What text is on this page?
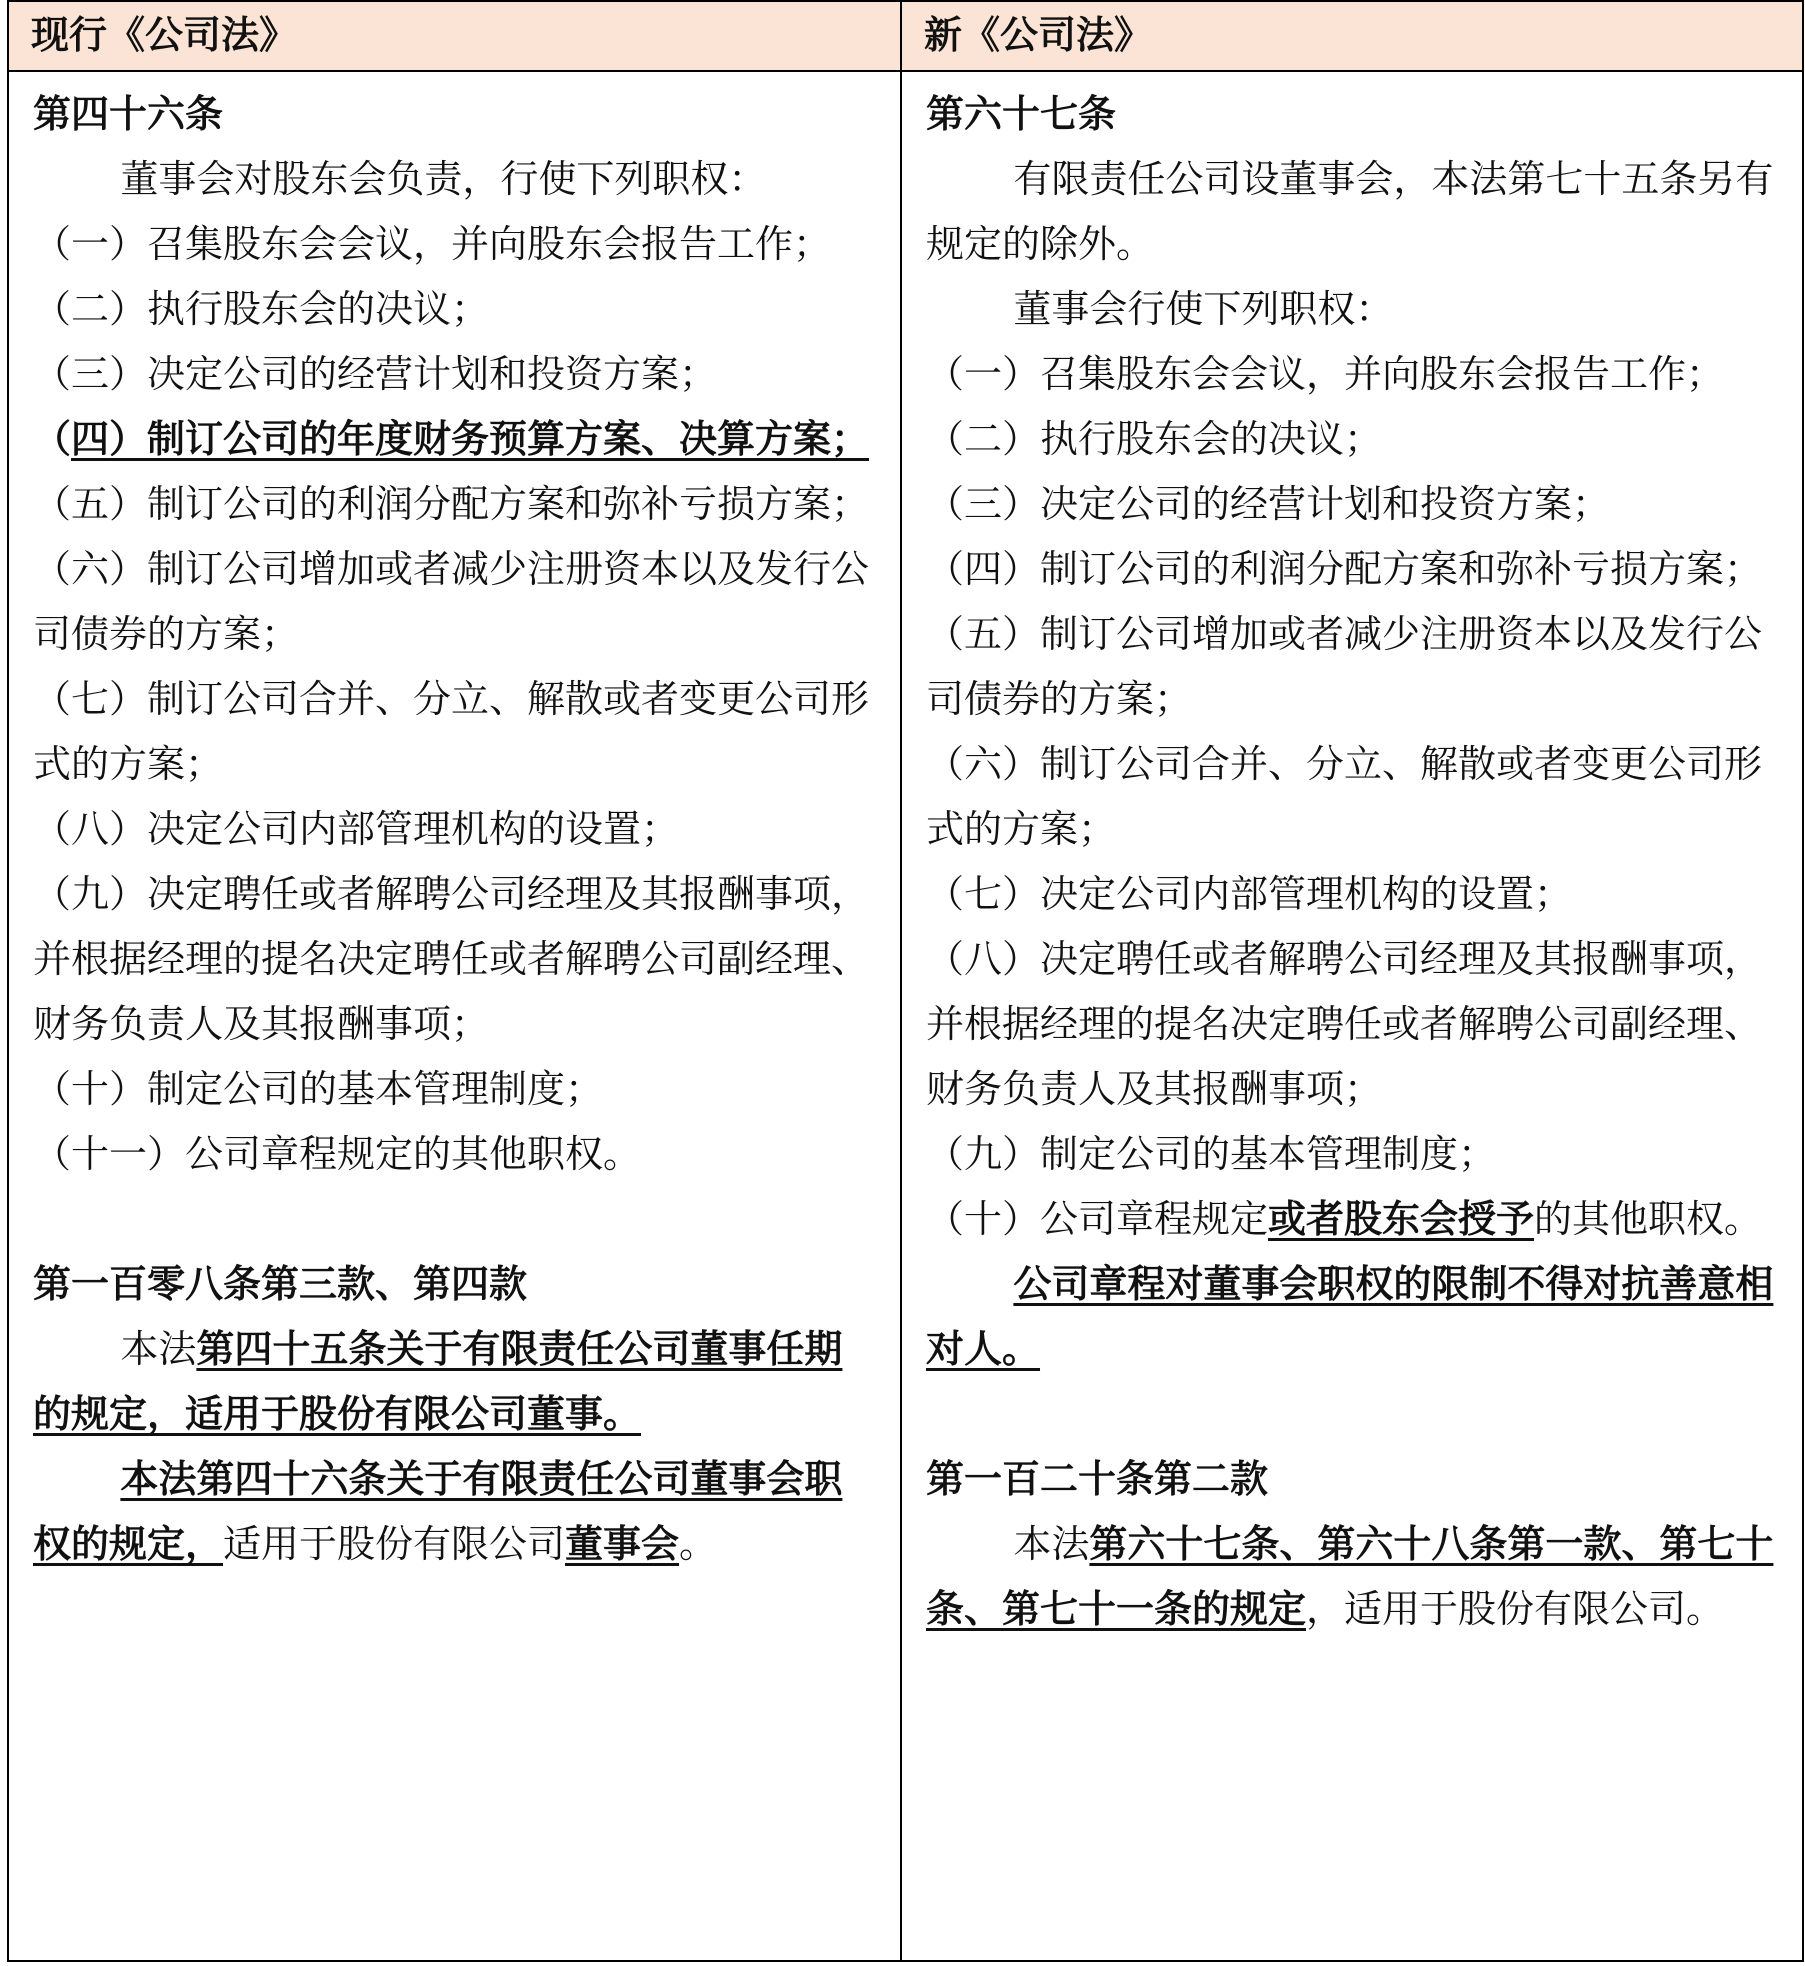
现行《公司法》	新《公司法》
第四十六条
董事会对股东会负责，行使下列职权：
（一）召集股东会会议，并向股东会报告工作；
（二）执行股东会的决议；
（三）决定公司的经营计划和投资方案；
（四）制订公司的年度财务预算方案、决算方案；
（五）制订公司的利润分配方案和弥补亏损方案；
（六）制订公司增加或者减少注册资本以及发行公司债券的方案；
（七）制订公司合并、分立、解散或者变更公司形式的方案；
（八）决定公司内部管理机构的设置；
（九）决定聘任或者解聘公司经理及其报酬事项，并根据经理的提名决定聘任或者解聘公司副经理、财务负责人及其报酬事项；
（十）制定公司的基本管理制度；
（十一）公司章程规定的其他职权。
第一百零八条第三款、第四款
本法第四十五条关于有限责任公司董事任期的规定，适用于股份有限公司董事。
本法第四十六条关于有限责任公司董事会职权的规定，适用于股份有限公司董事会。
第六十七条
有限责任公司设董事会，本法第七十五条另有规定的除外。
董事会行使下列职权：
（一）召集股东会会议，并向股东会报告工作；
（二）执行股东会的决议；
（三）决定公司的经营计划和投资方案；
（四）制订公司的利润分配方案和弥补亏损方案；
（五）制订公司增加或者减少注册资本以及发行公司债券的方案；
（六）制订公司合并、分立、解散或者变更公司形式的方案；
（七）决定公司内部管理机构的设置；
（八）决定聘任或者解聘公司经理及其报酬事项，并根据经理的提名决定聘任或者解聘公司副经理、财务负责人及其报酬事项；
（九）制定公司的基本管理制度；
（十）公司章程规定或者股东会授予的其他职权。
公司章程对董事会职权的限制不得对抗善意相对人。
第一百二十条第二款
本法第六十七条、第六十八条第一款、第七十条、第七十一条的规定，适用于股份有限公司。
